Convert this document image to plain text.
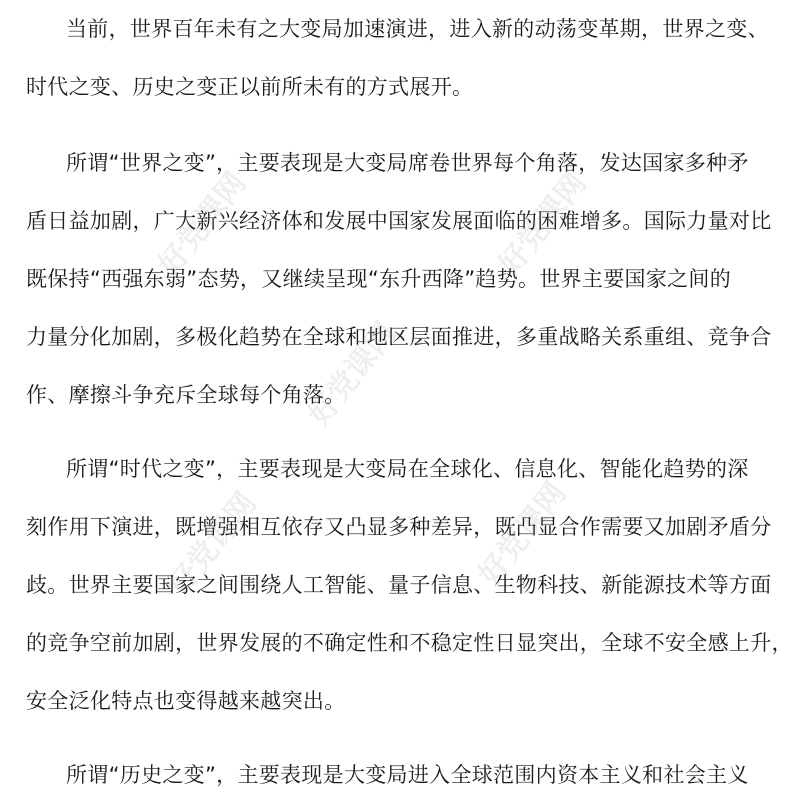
当前，世界百年未有之大变局加速演进，进入新的动荡变革期，世界之变、
时代之变、历史之变正以前所未有的方式展开。
所谓“世界之变”，主要表现是大变局席卷世界每个角落，发达国家多种矛
盾日益加剧，广大新兴经济体和发展中国家发展面临的困难增多。国际力量对比
既保持“西强东弱”态势，又继续呈现“东升西降”趋势。世界主要国家之间的
力量分化加剧，多极化趋势在全球和地区层面推进，多重战略关系重组、竞争合
作、摩擦斗争充斥全球每个角落。
所谓“时代之变”，主要表现是大变局在全球化、信息化、智能化趋势的深
刻作用下演进，既增强相互依存又凸显多种差异，既凸显合作需要又加剧矛盾分
歧。世界主要国家之间围绕人工智能、量子信息、生物科技、新能源技术等方面
的竞争空前加剧，世界发展的不确定性和不稳定性日显突出，全球不安全感上升，
安全泛化特点也变得越来越突出。
所谓“历史之变”，主要表现是大变局进入全球范围内资本主义和社会主义
好党课网	好党课网
好党课网
好党课网	好党课网
